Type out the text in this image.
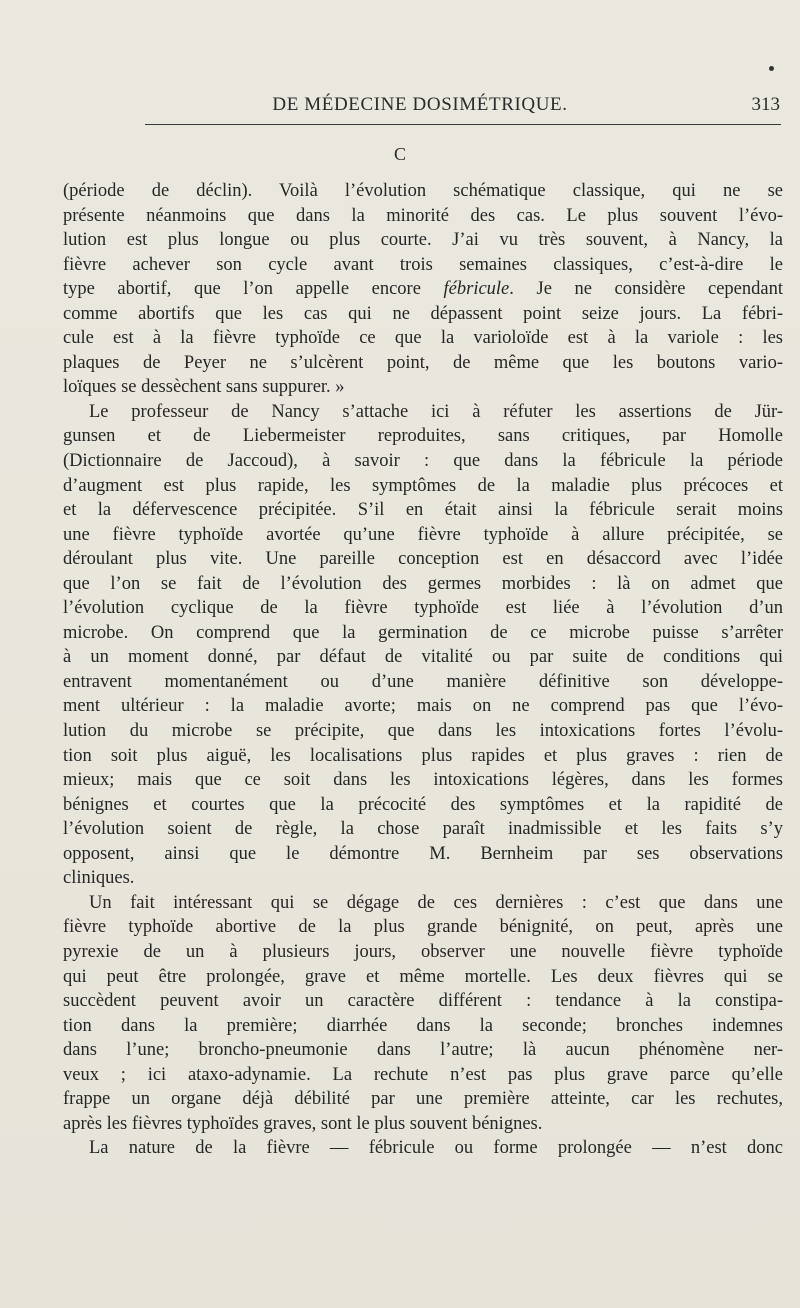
DE MÉDECINE DOSIMÉTRIQUE.	313
C
(période de déclin). Voilà l’évolution schématique classique, qui ne se
présente néanmoins que dans la minorité des cas. Le plus souvent l’évo-
lution est plus longue ou plus courte. J’ai vu très souvent, à Nancy, la
fièvre achever son cycle avant trois semaines classiques, c’est-à-dire le
type abortif, que l’on appelle encore fébricule. Je ne considère cependant
comme abortifs que les cas qui ne dépassent point seize jours. La fébri-
cule est à la fièvre typhoïde ce que la varioloïde est à la variole : les
plaques de Peyer ne s’ulcèrent point, de même que les boutons vario-
loïques se dessèchent sans suppurer. »
Le professeur de Nancy s’attache ici à réfuter les assertions de Jür-
gunsen et de Liebermeister reproduites, sans critiques, par Homolle
(Dictionnaire de Jaccoud), à savoir : que dans la fébricule la période
d’augment est plus rapide, les symptômes de la maladie plus précoces et
et la défervescence précipitée. S’il en était ainsi la fébricule serait moins
une fièvre typhoïde avortée qu’une fièvre typhoïde à allure précipitée, se
déroulant plus vite. Une pareille conception est en désaccord avec l’idée
que l’on se fait de l’évolution des germes morbides : là on admet que
l’évolution cyclique de la fièvre typhoïde est liée à l’évolution d’un
microbe. On comprend que la germination de ce microbe puisse s’arrêter
à un moment donné, par défaut de vitalité ou par suite de conditions qui
entravent momentanément ou d’une manière définitive son développe-
ment ultérieur : la maladie avorte; mais on ne comprend pas que l’évo-
lution du microbe se précipite, que dans les intoxications fortes l’évolu-
tion soit plus aiguë, les localisations plus rapides et plus graves : rien de
mieux; mais que ce soit dans les intoxications légères, dans les formes
bénignes et courtes que la précocité des symptômes et la rapidité de
l’évolution soient de règle, la chose paraît inadmissible et les faits s’y
opposent, ainsi que le démontre M. Bernheim par ses observations
cliniques.
Un fait intéressant qui se dégage de ces dernières : c’est que dans une
fièvre typhoïde abortive de la plus grande bénignité, on peut, après une
pyrexie de un à plusieurs jours, observer une nouvelle fièvre typhoïde
qui peut être prolongée, grave et même mortelle. Les deux fièvres qui se
succèdent peuvent avoir un caractère différent : tendance à la constipa-
tion dans la première; diarrhée dans la seconde; bronches indemnes
dans l’une; broncho-pneumonie dans l’autre; là aucun phénomène ner-
veux ; ici ataxo-adynamie. La rechute n’est pas plus grave parce qu’elle
frappe un organe déjà débilité par une première atteinte, car les rechutes,
après les fièvres typhoïdes graves, sont le plus souvent bénignes.
La nature de la fièvre — fébricule ou forme prolongée — n’est donc
